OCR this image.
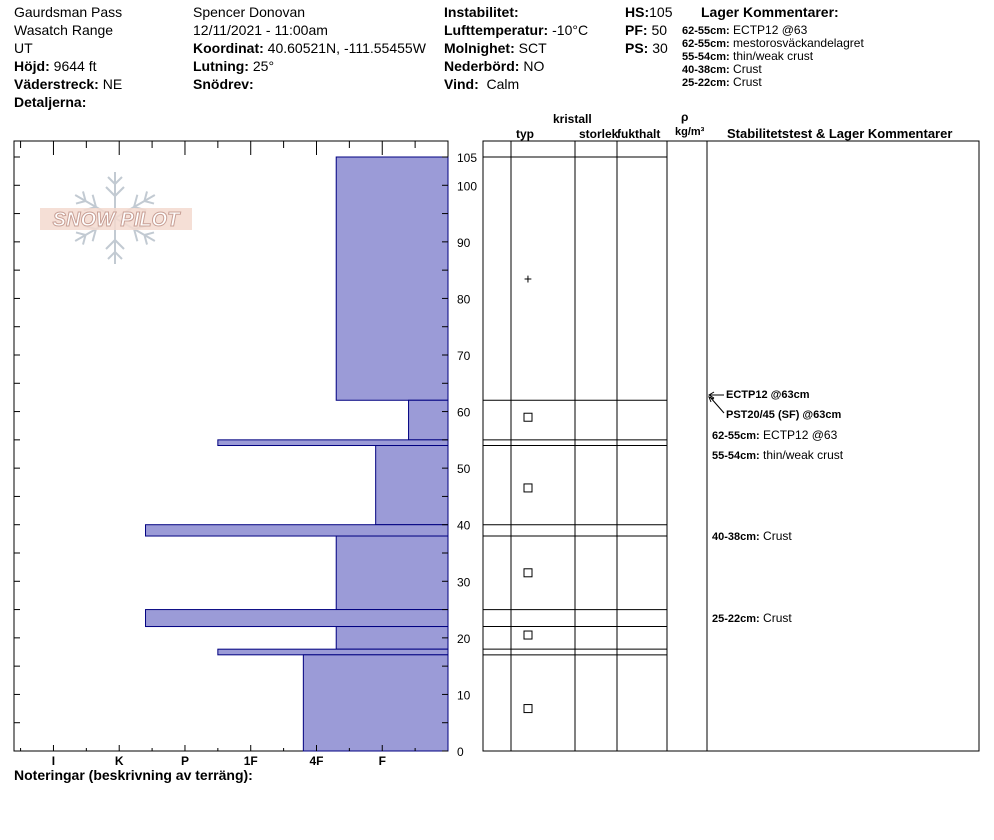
Gaurdsman Pass
Wasatch Range
UT
Höjd: 9644 ft
Väderstreck: NE
Detaljerna:
Spencer Donovan
12/11/2021 - 11:00am
Koordinat: 40.60521N, -111.55455W
Lutning: 25°
Snödrev:
Instabilitet:
Lufttemperatur: -10°C
Molnighet: SCT
Nederbörd: NO
Vind: Calm
HS:105
PF: 50
PS: 30
Lager Kommentarer:
62-55cm: ECTP12 @63
62-55cm: mestorosväckandelagret
55-54cm: thin/weak crust
40-38cm: Crust
25-22cm: Crust
kristall
typ	storlek
fukthalt
ρ
kg/m³ Stabilitetstest & Lager Kommentarer
ECTP12 @63cm
PST20/45 (SF) @63cm
62-55cm: ECTP12 @63
55-54cm: thin/weak crust
40-38cm: Crust
25-22cm: Crust
Noteringar (beskrivning av terräng):
SNOW PILOT
F
4F
1F
P
K
I
0
10
20
30
40
50
60
70
80
90
100
105
+
